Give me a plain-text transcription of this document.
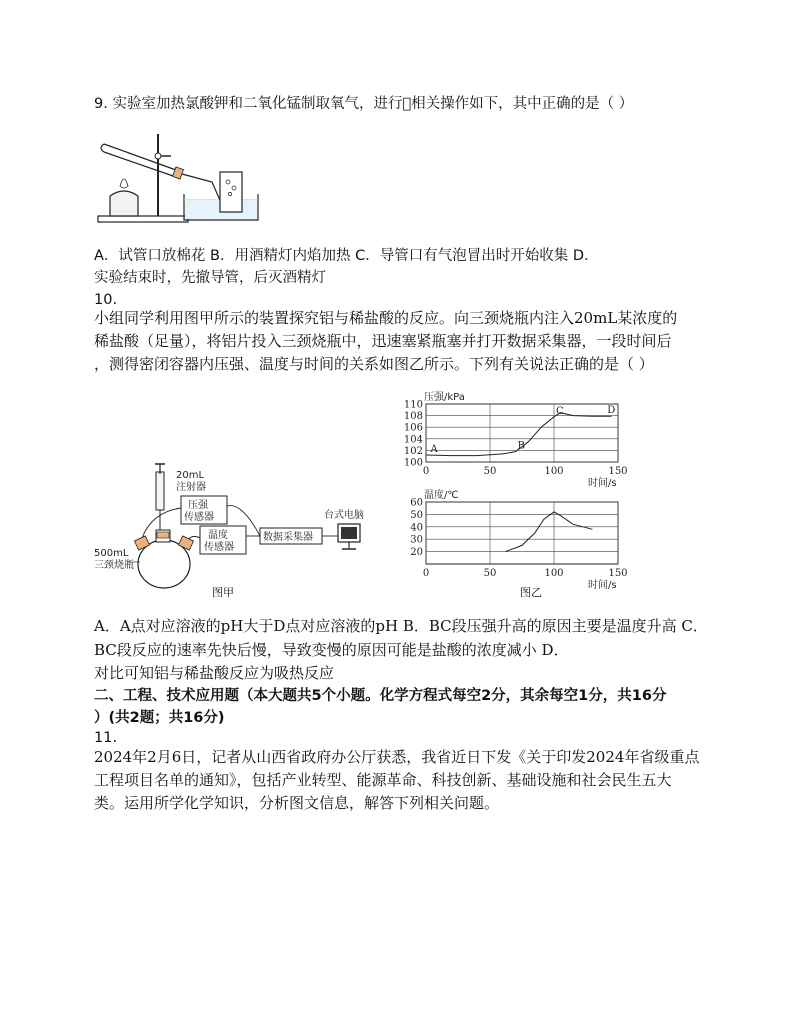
9. 实验室加热氯酸钾和二氧化锰制取氧气，进行 相关操作如下，其中正确的是（ ）
A．试管口放棉花 B．用酒精灯内焰加热 C．导管口有气泡冒出时开始收集 D．
实验结束时，先撤导管，后灭酒精灯
10.
小组同学利用图甲所示的装置探究铝与稀盐酸的反应。向三颈烧瓶内注入20mL某浓度的
稀盐酸（足量），将铝片投入三颈烧瓶中，迅速塞紧瓶塞并打开数据采集器，一段时间后
，测得密闭容器内压强、温度与时间的关系如图乙所示。下列有关说法正确的是（ ）
20mL
注射器
压强
传感器
温度
传感器
数据采集器
台式电脑
500mL
三颈烧瓶
图甲
100
102
104
106
108
110
0	50	100	150
压强/kPa
时间/s
A	B
C	D
20
30
40
50
60
0	50	100	150
温度/℃
时间/s
图乙
A．A点对应溶液的pH大于D点对应溶液的pH B．BC段压强升高的原因主要是温度升高 C．
BC段反应的速率先快后慢，导致变慢的原因可能是盐酸的浓度减小 D．
对比可知铝与稀盐酸反应为吸热反应
二、工程、技术应用题（本大题共5个小题。化学方程式每空2分，其余每空1分，共16分
）(共2题；共16分)
11.
2024年2月6日，记者从山西省政府办公厅获悉，我省近日下发《关于印发2024年省级重点
工程项目名单的通知》，包括产业转型、能源革命、科技创新、基础设施和社会民生五大
类。运用所学化学知识，分析图文信息，解答下列相关问题。
